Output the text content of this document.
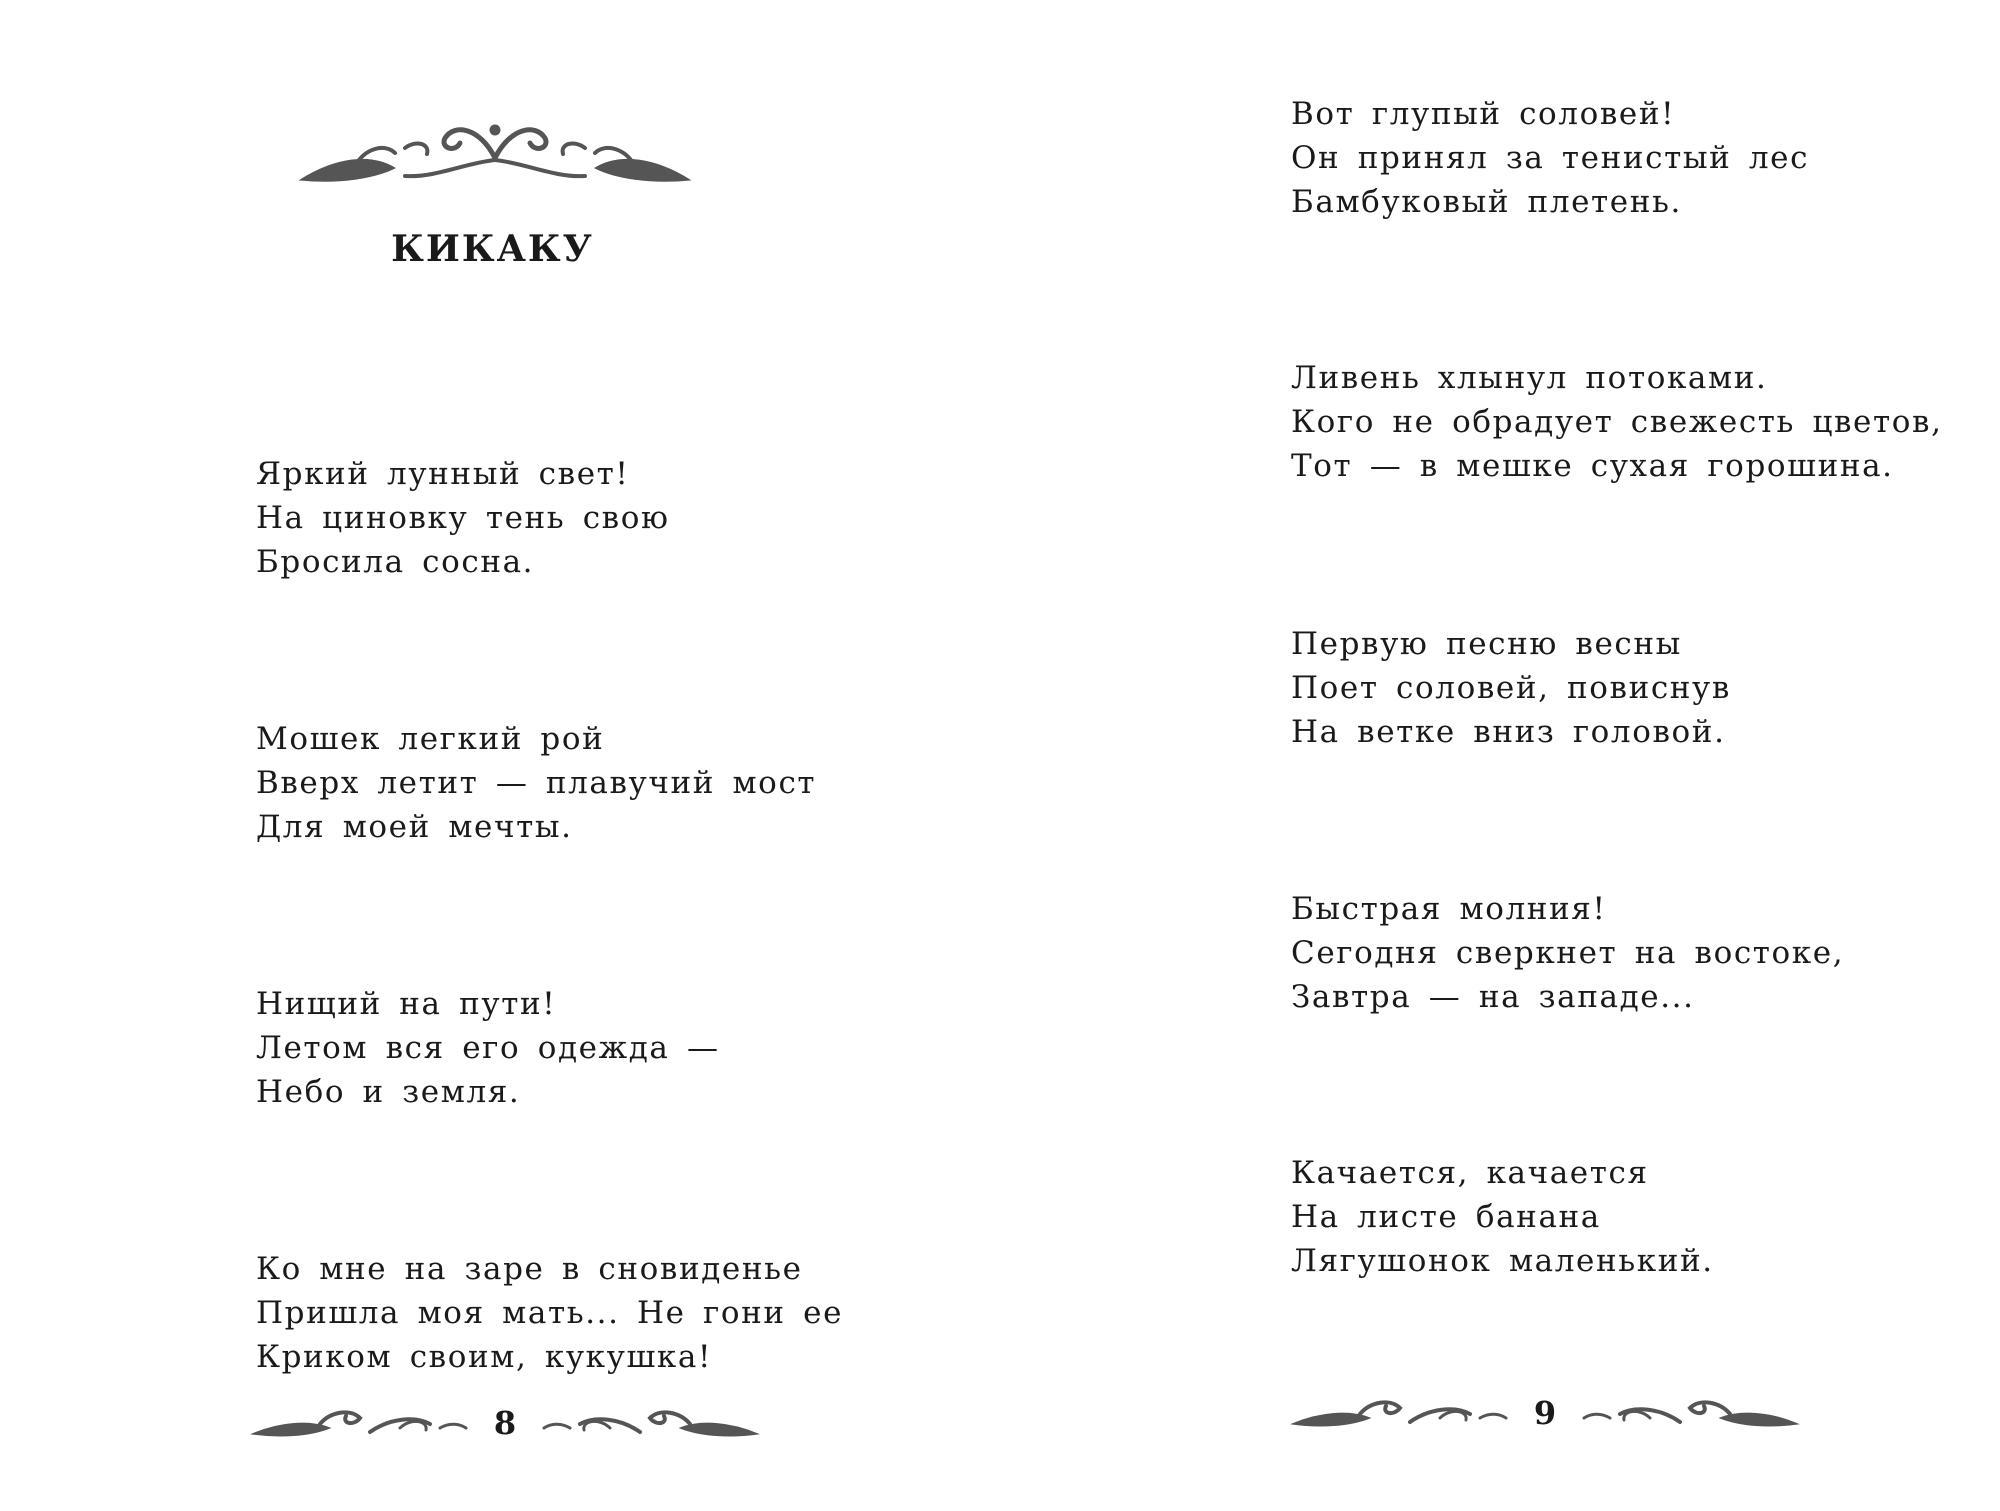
КИКАКУ

Яркий лунный свет!
На циновку тень свою
Бросила сосна.

Мошек легкий рой
Вверх летит — плавучий мост
Для моей мечты.

Нищий на пути!
Летом вся его одежда —
Небо и земля.

Ко мне на заре в сновиденье
Пришла моя мать... Не гони ее
Криком своим, кукушка!

8

Вот глупый соловей!
Он принял за тенистый лес
Бамбуковый плетень.

Ливень хлынул потоками.
Кого не обрадует свежесть цветов,
Тот — в мешке сухая горошина.

Первую песню весны
Поет соловей, повиснув
На ветке вниз головой.

Быстрая молния!
Сегодня сверкнет на востоке,
Завтра — на западе...

Качается, качается
На листе банана
Лягушонок маленький.

9
